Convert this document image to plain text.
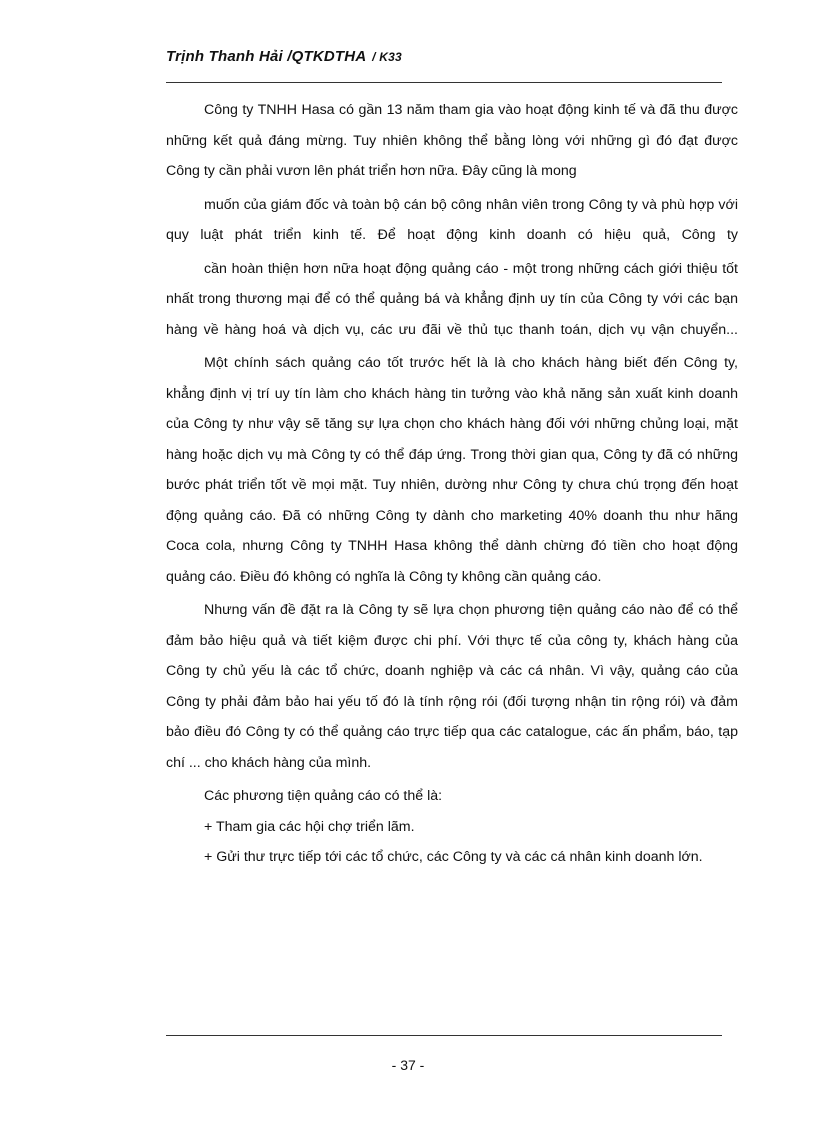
Trịnh Thanh Hải /QTKDTHA / K33

Công ty TNHH Hasa có gần 13 năm tham gia vào hoạt động kinh tế và đã thu được những kết quả đáng mừng. Tuy nhiên không thể bằng lòng với những gì đó đạt được Công ty cần phải vươn lên phát triển hơn nữa. Đây cũng là mong

muốn của giám đốc và toàn bộ cán bộ công nhân viên trong Công ty và phù hợp với quy luật phát triển kinh tế. Để hoạt động kinh doanh có hiệu quả, Công ty

cần hoàn thiện hơn nữa hoạt động quảng cáo - một trong những cách giới thiệu tốt nhất trong thương mại để có thể quảng bá và khẳng định uy tín của Công ty với các bạn hàng về hàng hoá và dịch vụ, các ưu đãi về thủ tục thanh toán, dịch vụ vận chuyển...

Một chính sách quảng cáo tốt trước hết là là cho khách hàng biết đến Công ty, khẳng định vị trí uy tín làm cho khách hàng tin tưởng vào khả năng sản xuất kinh doanh của Công ty như vậy sẽ tăng sự lựa chọn cho khách hàng đối với những chủng loại, mặt hàng hoặc dịch vụ mà Công ty có thể đáp ứng. Trong thời gian qua, Công ty đã có những bước phát triển tốt về mọi mặt. Tuy nhiên, dường như Công ty chưa chú trọng đến hoạt động quảng cáo. Đã có những Công ty dành cho marketing 40% doanh thu như hãng Coca cola, nhưng Công ty TNHH Hasa không thể dành chừng đó tiền cho hoạt động quảng cáo. Điều đó không có nghĩa là Công ty không cần quảng cáo.

Nhưng vấn đề đặt ra là Công ty sẽ lựa chọn phương tiện quảng cáo nào để có thể đảm bảo hiệu quả và tiết kiệm được chi phí. Với thực tế của công ty, khách hàng của Công ty chủ yếu là các tổ chức, doanh nghiệp và các cá nhân. Vì vậy, quảng cáo của Công ty phải đảm bảo hai yếu tố đó là tính rộng rói (đối tượng nhận tin rộng rói) và đảm bảo điều đó Công ty có thể quảng cáo trực tiếp qua các catalogue, các ấn phẩm, báo, tạp chí ... cho khách hàng của mình.

Các phương tiện quảng cáo có thể là:

+ Tham gia các hội chợ triển lãm.

+ Gửi thư trực tiếp tới các tổ chức, các Công ty và các cá nhân kinh doanh lớn.

- 37 -
